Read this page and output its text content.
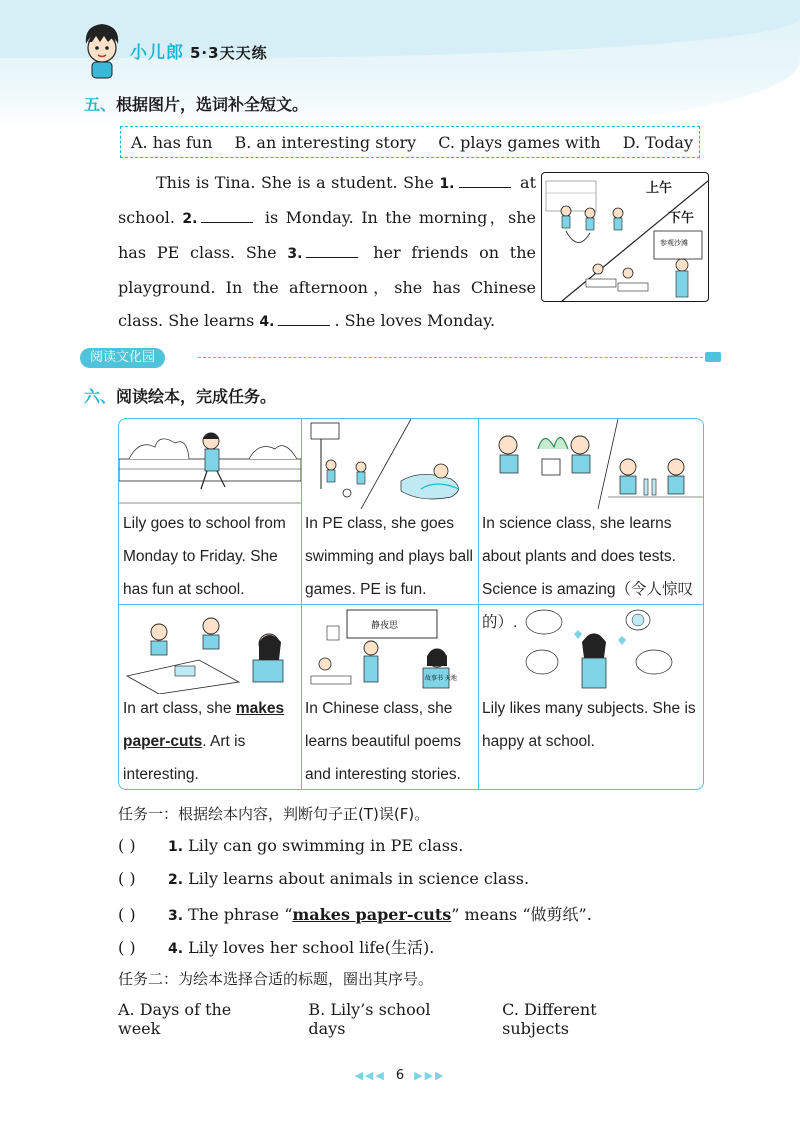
小儿郎 5·3天天练
五、根据图片，选词补全短文。
A. has fun B. an interesting story C. plays games with D. Today

This is Tina. She is a student. She 1.	at school. 2.	is Monday. In the morning，she has PE class. She 3.	her friends on the playground. In the afternoon，she has Chinese class. She learns 4.	. She loves Monday.

参观沙滩
上午
下午
阅读文化园
六、阅读绘本，完成任务。
Lily goes to school from Monday to Friday. She has fun at school.
In PE class, she goes swimming and plays ball games. PE is fun.
In science class, she learns about plants and does tests. Science is amazing（令人惊叹的）.
In art class, she makes paper-cuts. Art is interesting.
静夜思
故事书 天地
In Chinese class, she learns beautiful poems and interesting stories.
Lily likes many subjects. She is happy at school.
任务一：根据绘本内容，判断句子正(T)误(F)。
( ) 1. Lily can go swimming in PE class.
( ) 2. Lily learns about animals in science class.
( ) 3. The phrase “makes paper-cuts” means “做剪纸”.
( ) 4. Lily loves her school life(生活).
任务二：为绘本选择合适的标题，圈出其序号。
A. Days of the week
B. Lily’s school days
C. Different subjects
◀◀◀ 6 ▶▶▶
